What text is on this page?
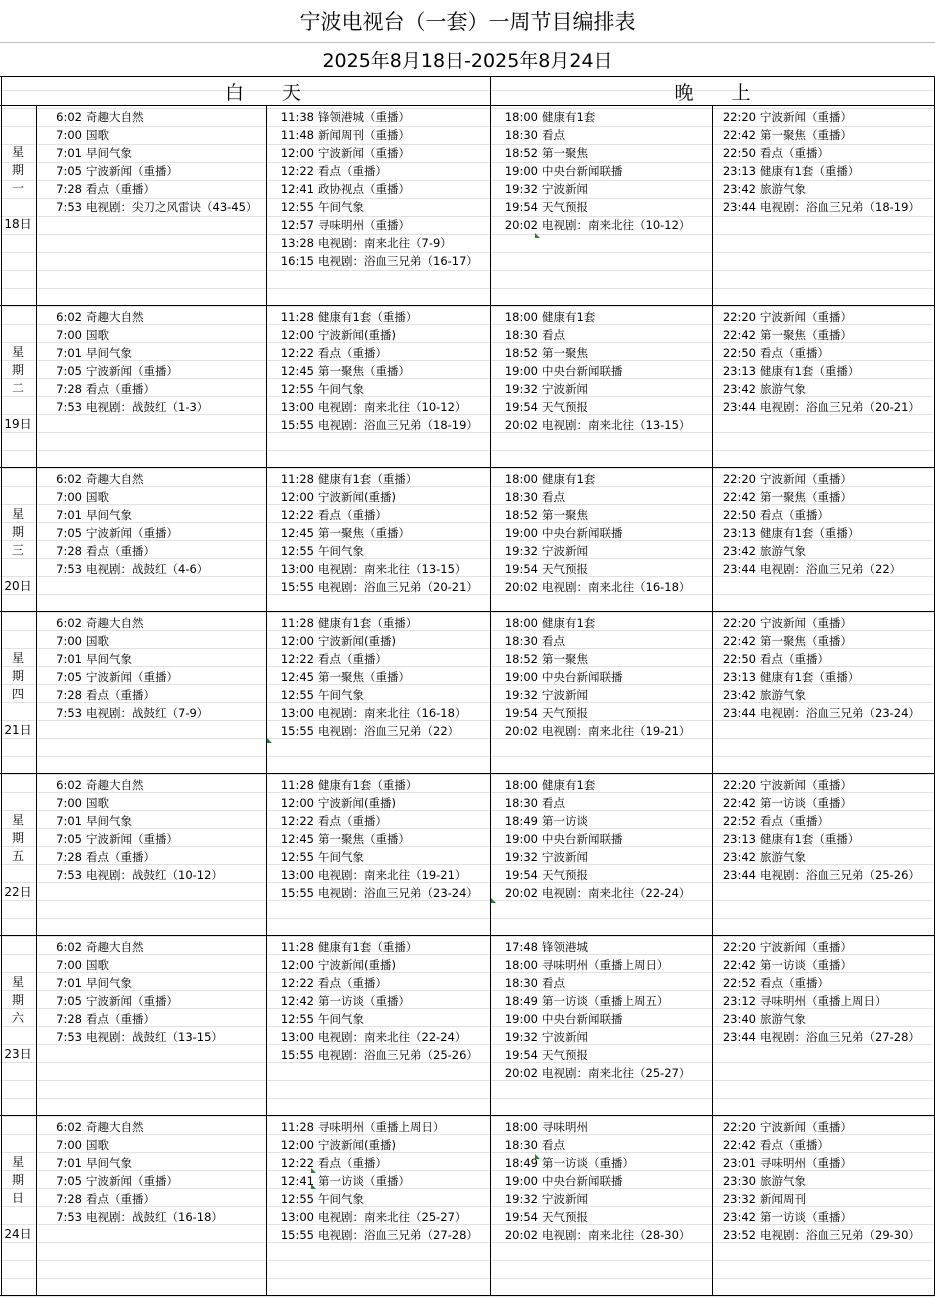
宁波电视台（一套）一周节目编排表
2025年8月18日-2025年8月24日
白　　天	晚　　上
星
期
一
18日
6:02 奇趣大自然
7:00 国歌
7:01 早间气象
7:05 宁波新闻（重播）
7:28 看点（重播）
7:53 电视剧：尖刀之风雷诀（43-45）
11:38 锋领港城（重播）
11:48 新闻周刊（重播）
12:00 宁波新闻（重播）
12:22 看点（重播）
12:41 政协视点（重播）
12:55 午间气象
12:57 寻味明州（重播）
13:28 电视剧：南来北往（7-9）
16:15 电视剧：浴血三兄弟（16-17）
18:00 健康有1套
18:30 看点
18:52 第一聚焦
19:00 中央台新闻联播
19:32 宁波新闻
19:54 天气预报
20:02 电视剧：南来北往（10-12）
22:20 宁波新闻（重播）
22:42 第一聚焦（重播）
22:50 看点（重播）
23:13 健康有1套（重播）
23:42 旅游气象
23:44 电视剧：浴血三兄弟（18-19）
星
期
二
19日
6:02 奇趣大自然
7:00 国歌
7:01 早间气象
7:05 宁波新闻（重播）
7:28 看点（重播）
7:53 电视剧：战鼓红（1-3）
11:28 健康有1套（重播）
12:00 宁波新闻(重播)
12:22 看点（重播）
12:45 第一聚焦（重播）
12:55 午间气象
13:00 电视剧：南来北往（10-12）
15:55 电视剧：浴血三兄弟（18-19）
18:00 健康有1套
18:30 看点
18:52 第一聚焦
19:00 中央台新闻联播
19:32 宁波新闻
19:54 天气预报
20:02 电视剧：南来北往（13-15）
22:20 宁波新闻（重播）
22:42 第一聚焦（重播）
22:50 看点（重播）
23:13 健康有1套（重播）
23:42 旅游气象
23:44 电视剧：浴血三兄弟（20-21）
星
期
三
20日
6:02 奇趣大自然
7:00 国歌
7:01 早间气象
7:05 宁波新闻（重播）
7:28 看点（重播）
7:53 电视剧：战鼓红（4-6）
11:28 健康有1套（重播）
12:00 宁波新闻(重播)
12:22 看点（重播）
12:45 第一聚焦（重播）
12:55 午间气象
13:00 电视剧：南来北往（13-15）
15:55 电视剧：浴血三兄弟（20-21）
18:00 健康有1套
18:30 看点
18:52 第一聚焦
19:00 中央台新闻联播
19:32 宁波新闻
19:54 天气预报
20:02 电视剧：南来北往（16-18）
22:20 宁波新闻（重播）
22:42 第一聚焦（重播）
22:50 看点（重播）
23:13 健康有1套（重播）
23:42 旅游气象
23:44 电视剧：浴血三兄弟（22）
星
期
四
21日
6:02 奇趣大自然
7:00 国歌
7:01 早间气象
7:05 宁波新闻（重播）
7:28 看点（重播）
7:53 电视剧：战鼓红（7-9）
11:28 健康有1套（重播）
12:00 宁波新闻(重播)
12:22 看点（重播）
12:45 第一聚焦（重播）
12:55 午间气象
13:00 电视剧：南来北往（16-18）
15:55 电视剧：浴血三兄弟（22）
18:00 健康有1套
18:30 看点
18:52 第一聚焦
19:00 中央台新闻联播
19:32 宁波新闻
19:54 天气预报
20:02 电视剧：南来北往（19-21）
22:20 宁波新闻（重播）
22:42 第一聚焦（重播）
22:50 看点（重播）
23:13 健康有1套（重播）
23:42 旅游气象
23:44 电视剧：浴血三兄弟（23-24）
星
期
五
22日
6:02 奇趣大自然
7:00 国歌
7:01 早间气象
7:05 宁波新闻（重播）
7:28 看点（重播）
7:53 电视剧：战鼓红（10-12）
11:28 健康有1套（重播）
12:00 宁波新闻(重播)
12:22 看点（重播）
12:45 第一聚焦（重播）
12:55 午间气象
13:00 电视剧：南来北往（19-21）
15:55 电视剧：浴血三兄弟（23-24）
18:00 健康有1套
18:30 看点
18:49 第一访谈
19:00 中央台新闻联播
19:32 宁波新闻
19:54 天气预报
20:02 电视剧：南来北往（22-24）
22:20 宁波新闻（重播）
22:42 第一访谈（重播）
22:52 看点（重播）
23:13 健康有1套（重播）
23:42 旅游气象
23:44 电视剧：浴血三兄弟（25-26）
星
期
六
23日
6:02 奇趣大自然
7:00 国歌
7:01 早间气象
7:05 宁波新闻（重播）
7:28 看点（重播）
7:53 电视剧：战鼓红（13-15）
11:28 健康有1套（重播）
12:00 宁波新闻(重播)
12:22 看点（重播）
12:42 第一访谈（重播）
12:55 午间气象
13:00 电视剧：南来北往（22-24）
15:55 电视剧：浴血三兄弟（25-26）
17:48 锋领港城
18:00 寻味明州（重播上周日）
18:30 看点
18:49 第一访谈（重播上周五）
19:00 中央台新闻联播
19:32 宁波新闻
19:54 天气预报
20:02 电视剧：南来北往（25-27）
22:20 宁波新闻（重播）
22:42 第一访谈（重播）
22:52 看点（重播）
23:12 寻味明州（重播上周日）
23:40 旅游气象
23:44 电视剧：浴血三兄弟（27-28）
星
期
日
24日
6:02 奇趣大自然
7:00 国歌
7:01 早间气象
7:05 宁波新闻（重播）
7:28 看点（重播）
7:53 电视剧：战鼓红（16-18）
11:28 寻味明州（重播上周日）
12:00 宁波新闻(重播)
12:22 看点（重播）
12:41 第一访谈（重播）
12:55 午间气象
13:00 电视剧：南来北往（25-27）
15:55 电视剧：浴血三兄弟（27-28）
18:00 寻味明州
18:30 看点
18:49 第一访谈（重播）
19:00 中央台新闻联播
19:32 宁波新闻
19:54 天气预报
20:02 电视剧：南来北往（28-30）
22:20 宁波新闻（重播）
22:42 看点（重播）
23:01 寻味明州（重播）
23:30 旅游气象
23:32 新闻周刊
23:42 第一访谈（重播）
23:52 电视剧：浴血三兄弟（29-30）
